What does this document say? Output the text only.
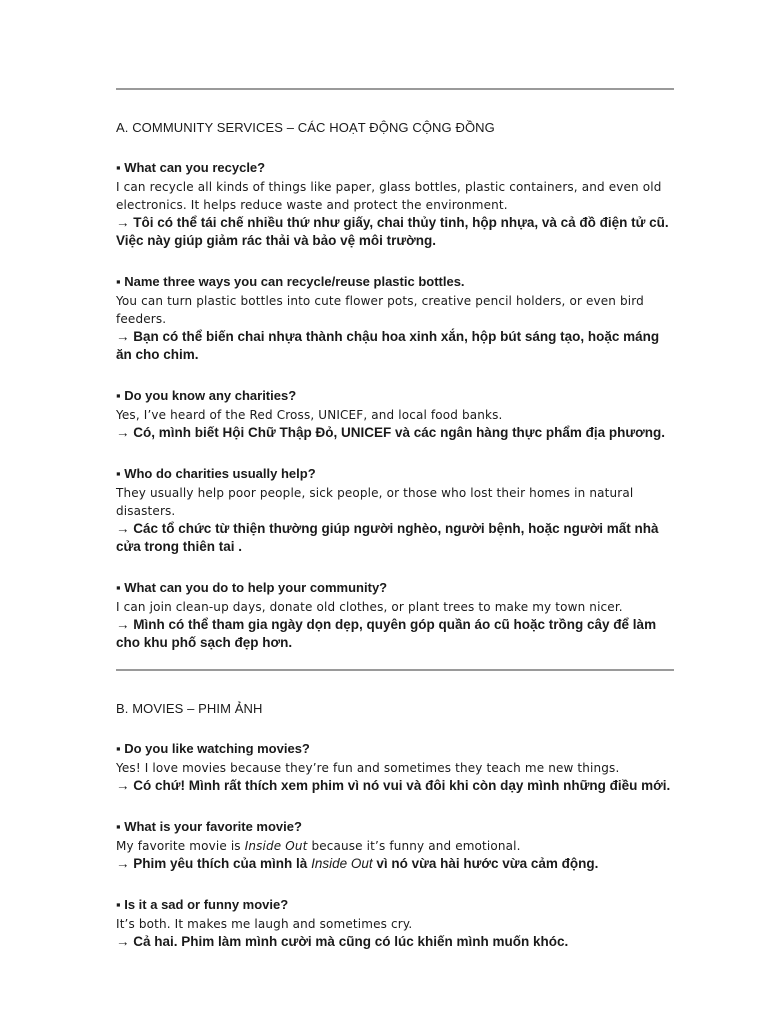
A. COMMUNITY SERVICES – CÁC HOẠT ĐỘNG CỘNG ĐỒNG
▪ What can you recycle?
I can recycle all kinds of things like paper, glass bottles, plastic containers, and even old electronics. It helps reduce waste and protect the environment.
→ Tôi có thể tái chế nhiều thứ như giấy, chai thủy tinh, hộp nhựa, và cả đồ điện tử cũ. Việc này giúp giảm rác thải và bảo vệ môi trường.
▪ Name three ways you can recycle/reuse plastic bottles.
You can turn plastic bottles into cute flower pots, creative pencil holders, or even bird feeders.
→ Bạn có thể biến chai nhựa thành chậu hoa xinh xắn, hộp bút sáng tạo, hoặc máng ăn cho chim.
▪ Do you know any charities?
Yes, I’ve heard of the Red Cross, UNICEF, and local food banks.
→ Có, mình biết Hội Chữ Thập Đỏ, UNICEF và các ngân hàng thực phẩm địa phương.
▪ Who do charities usually help?
They usually help poor people, sick people, or those who lost their homes in natural disasters.
→ Các tổ chức từ thiện thường giúp người nghèo, người bệnh, hoặc người mất nhà cửa trong thiên tai .
▪ What can you do to help your community?
I can join clean-up days, donate old clothes, or plant trees to make my town nicer.
→ Mình có thể tham gia ngày dọn dẹp, quyên góp quần áo cũ hoặc trồng cây để làm cho khu phố sạch đẹp hơn.
B. MOVIES – PHIM ẢNH
▪ Do you like watching movies?
Yes! I love movies because they’re fun and sometimes they teach me new things.
→ Có chứ! Mình rất thích xem phim vì nó vui và đôi khi còn dạy mình những điều mới.
▪ What is your favorite movie?
My favorite movie is Inside Out because it’s funny and emotional.
→ Phim yêu thích của mình là Inside Out vì nó vừa hài hước vừa cảm động.
▪ Is it a sad or funny movie?
It’s both. It makes me laugh and sometimes cry.
→ Cả hai. Phim làm mình cười mà cũng có lúc khiến mình muốn khóc.
